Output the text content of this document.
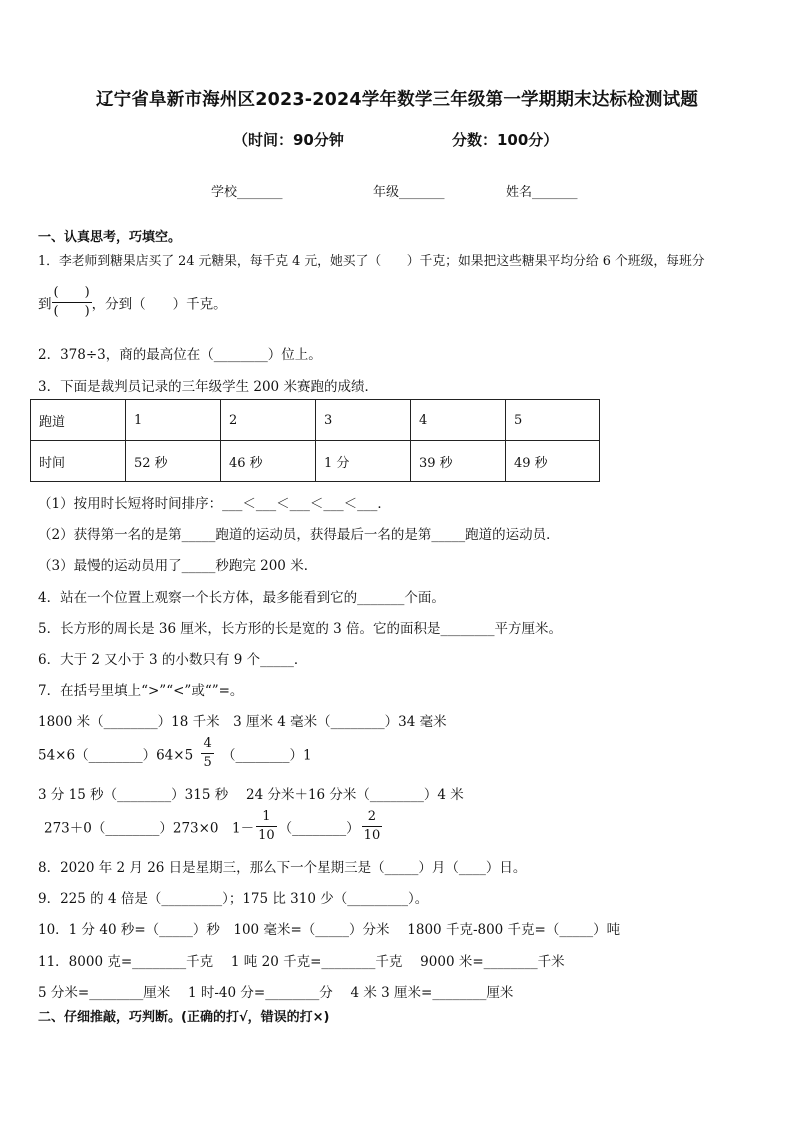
辽宁省阜新市海州区2023-2024学年数学三年级第一学期期末达标检测试题
（时间：90分钟	分数：100分）
学校_______	年级_______	姓名_______
一、认真思考，巧填空。
1．李老师到糖果店买了 24 元糖果，每千克 4 元，她买了（　　）千克；如果把这些糖果平均分给 6 个班级，每班分
到 $\frac{( )}{( )}$ ，分到（　　）千克。
2．378÷3，商的最高位在（________）位上。
3．下面是裁判员记录的三年级学生 200 米赛跑的成绩．
跑道	1	2	3	4	5
时间	52 秒	46 秒	1 分	39 秒	49 秒
（1）按用时长短将时间排序：___＜___＜___＜___＜___．
（2）获得第一名的是第_____跑道的运动员，获得最后一名的是第_____跑道的运动员．
（3）最慢的运动员用了_____秒跑完 200 米．
4．站在一个位置上观察一个长方体，最多能看到它的_______个面。
5．长方形的周长是 36 厘米，长方形的长是宽的 3 倍。它的面积是________平方厘米。
6．大于 2 又小于 3 的小数只有 9 个_____．
7．在括号里填上“>”“<”或“”=。
1800 米（________）18 千米　3 厘米 4 毫米（________）34 毫米
54×6（________）64×5 $\frac{4}{5}$ （________）1
3 分 15 秒（________）315 秒　 24 分米＋16 分米（________）4 米
273＋0（________）273×0　$1- \frac{1}{10}$ （________） $\frac{2}{10}$
8．2020 年 2 月 26 日是星期三，那么下一个星期三是（_____）月（____）日。
9．225 的 4 倍是（_________）；175 比 310 少（_________）。
10．1 分 40 秒=（_____）秒　100 毫米=（_____）分米　 1800 千克-800 千克=（_____）吨
11．8000 克=________千克　 1 吨 20 千克=________千克　 9000 米=________千米
5 分米=________厘米　 1 时-40 分=________分　 4 米 3 厘米=________厘米
二、仔细推敲，巧判断。(正确的打√，错误的打×)
